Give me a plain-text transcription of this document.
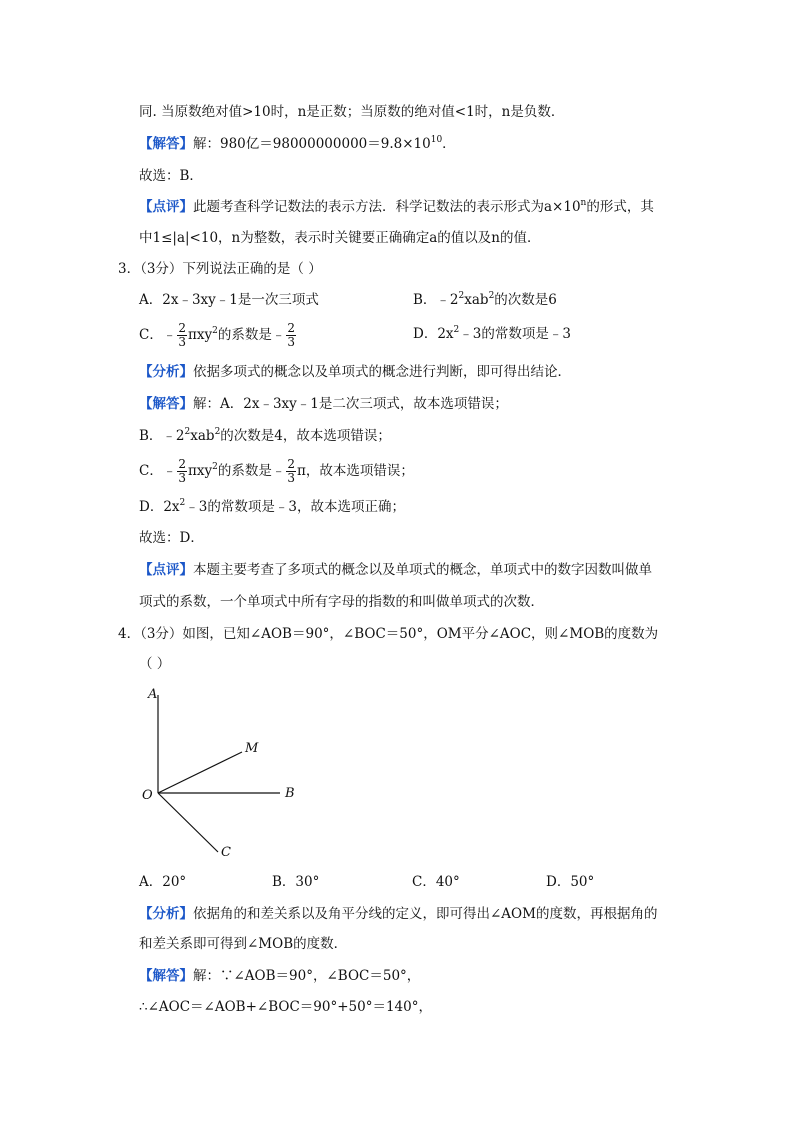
同. 当原数绝对值>10时，n是正数；当原数的绝对值<1时，n是负数．
【解答】解：980亿$=98000000000=9.8\times 10^{10}$．
故选：B．
【点评】此题考查科学记数法的表示方法．科学记数法的表示形式为$a\times 10^n$的形式，其
中1≤|a|<10，n为整数，表示时关键要正确确定a的值以及n的值．
3．（3分）下列说法正确的是（ ）
A．2x﹣3xy﹣1是一次三项式	B．$﹣2^2xab^2$的次数是6
C．﹣ $\frac{2}{3} \pi xy^2$的系数是﹣ $\frac{2}{3}$	D．$2x^2﹣3$的常数项是﹣3
【分析】依据多项式的概念以及单项式的概念进行判断，即可得出结论．
【解答】解：A．2x﹣3xy﹣1是二次三项式，故本选项错误；
B．$﹣2^2xab^2$的次数是4，故本选项错误；
C．﹣ $\frac{2}{3} \pi xy^2$的系数是﹣ $\frac{2}{3}$ π，故本选项错误；
D．$2x^2﹣3$的常数项是﹣3，故本选项正确；
故选：D．
【点评】本题主要考查了多项式的概念以及单项式的概念，单项式中的数字因数叫做单
项式的系数，一个单项式中所有字母的指数的和叫做单项式的次数．
4．（3分）如图，已知∠AOB＝90°，∠BOC＝50°，OM平分∠AOC，则∠MOB的度数为
（ ）
A
M
O	B
C
A．20°	B．30°	C．40°	D．50°
【分析】依据角的和差关系以及角平分线的定义，即可得出∠AOM的度数，再根据角的
和差关系即可得到∠MOB的度数．
【解答】解：∵∠AOB＝90°，∠BOC＝50°，
∴∠AOC＝∠AOB+∠BOC＝90°+50°＝140°，
